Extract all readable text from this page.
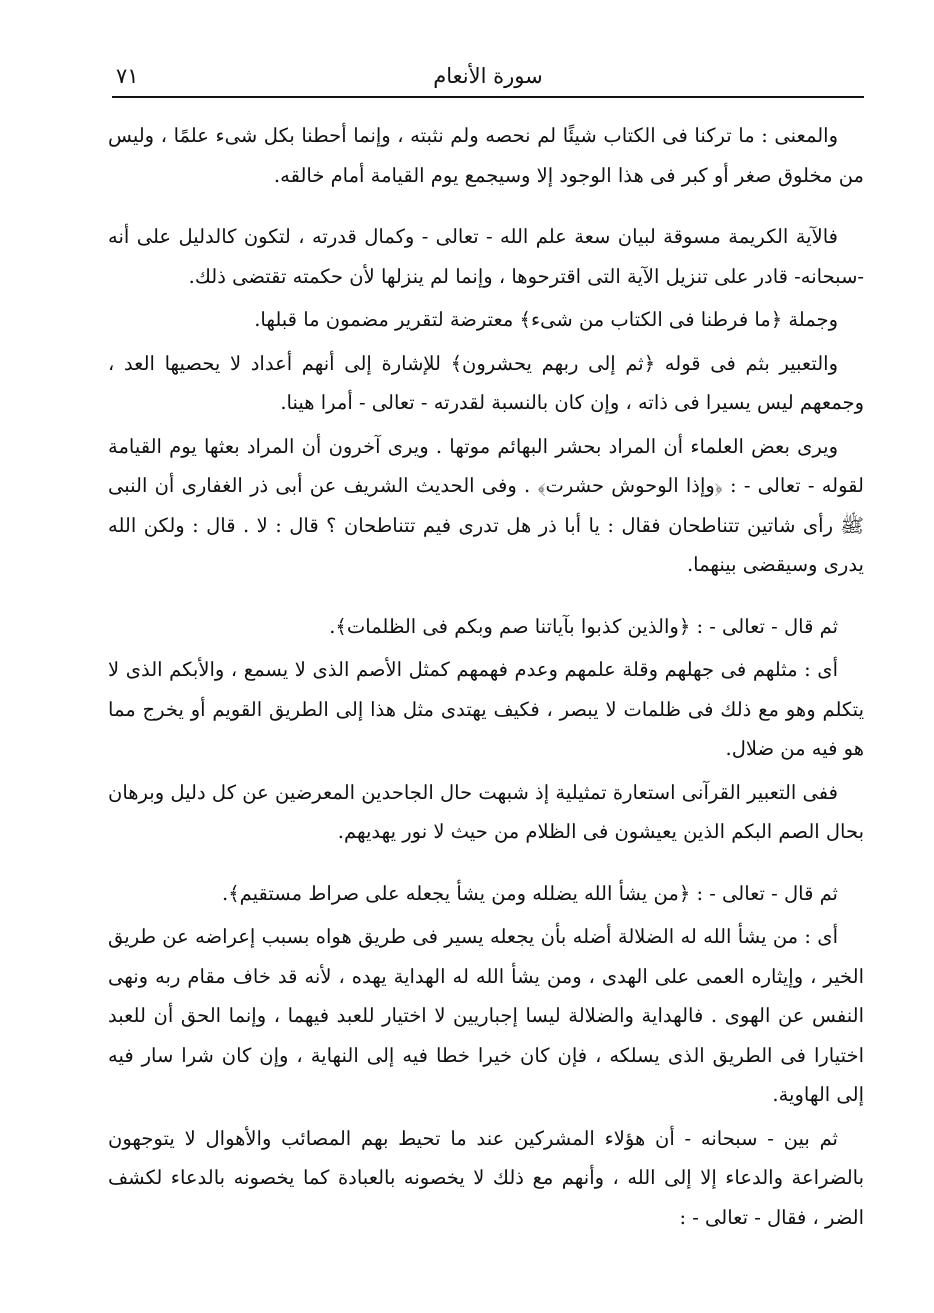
سورة الأنعام
٧١

والمعنى : ما تركنا فى الكتاب شيئًا لم نحصه ولم نثبته ، وإنما أحطنا بكل شىء علمًا ، وليس من مخلوق صغر أو كبر فى هذا الوجود إلا وسيجمع يوم القيامة أمام خالقه.

فالآية الكريمة مسوقة لبيان سعة علم الله - تعالى - وكمال قدرته ، لتكون كالدليل على أنه -سبحانه- قادر على تنزيل الآية التى اقترحوها ، وإنما لم ينزلها لأن حكمته تقتضى ذلك.

وجملة ﴿ما فرطنا فى الكتاب من شىء﴾ معترضة لتقرير مضمون ما قبلها.

والتعبير بثم فى قوله ﴿ثم إلى ربهم يحشرون﴾ للإشارة إلى أنهم أعداد لا يحصيها العد ، وجمعهم ليس يسيرا فى ذاته ، وإن كان بالنسبة لقدرته - تعالى - أمرا هينا.

ويرى بعض العلماء أن المراد بحشر البهائم موتها . ويرى آخرون أن المراد بعثها يوم القيامة لقوله - تعالى - : ﴿وإذا الوحوش حشرت﴾ . وفى الحديث الشريف عن أبى ذر الغفارى أن النبى ﷺ رأى شاتين تتناطحان فقال : يا أبا ذر هل تدرى فيم تتناطحان ؟ قال : لا . قال : ولكن الله يدرى وسيقضى بينهما.

ثم قال - تعالى - : ﴿والذين كذبوا بآياتنا صم وبكم فى الظلمات﴾.

أى : مثلهم فى جهلهم وقلة علمهم وعدم فهمهم كمثل الأصم الذى لا يسمع ، والأبكم الذى لا يتكلم وهو مع ذلك فى ظلمات لا يبصر ، فكيف يهتدى مثل هذا إلى الطريق القويم أو يخرج مما هو فيه من ضلال.

ففى التعبير القرآنى استعارة تمثيلية إذ شبهت حال الجاحدين المعرضين عن كل دليل وبرهان بحال الصم البكم الذين يعيشون فى الظلام من حيث لا نور يهديهم.

ثم قال - تعالى - : ﴿من يشأ الله يضلله ومن يشأ يجعله على صراط مستقيم﴾.

أى : من يشأ الله له الضلالة أضله بأن يجعله يسير فى طريق هواه بسبب إعراضه عن طريق الخير ، وإيثاره العمى على الهدى ، ومن يشأ الله له الهداية يهده ، لأنه قد خاف مقام ربه ونهى النفس عن الهوى . فالهداية والضلالة ليسا إجباريين لا اختيار للعبد فيهما ، وإنما الحق أن للعبد اختيارا فى الطريق الذى يسلكه ، فإن كان خيرا خطا فيه إلى النهاية ، وإن كان شرا سار فيه إلى الهاوية.

ثم بين - سبحانه - أن هؤلاء المشركين عند ما تحيط بهم المصائب والأهوال لا يتوجهون بالضراعة والدعاء إلا إلى الله ، وأنهم مع ذلك لا يخصونه بالعبادة كما يخصونه بالدعاء لكشف الضر ، فقال - تعالى - :
